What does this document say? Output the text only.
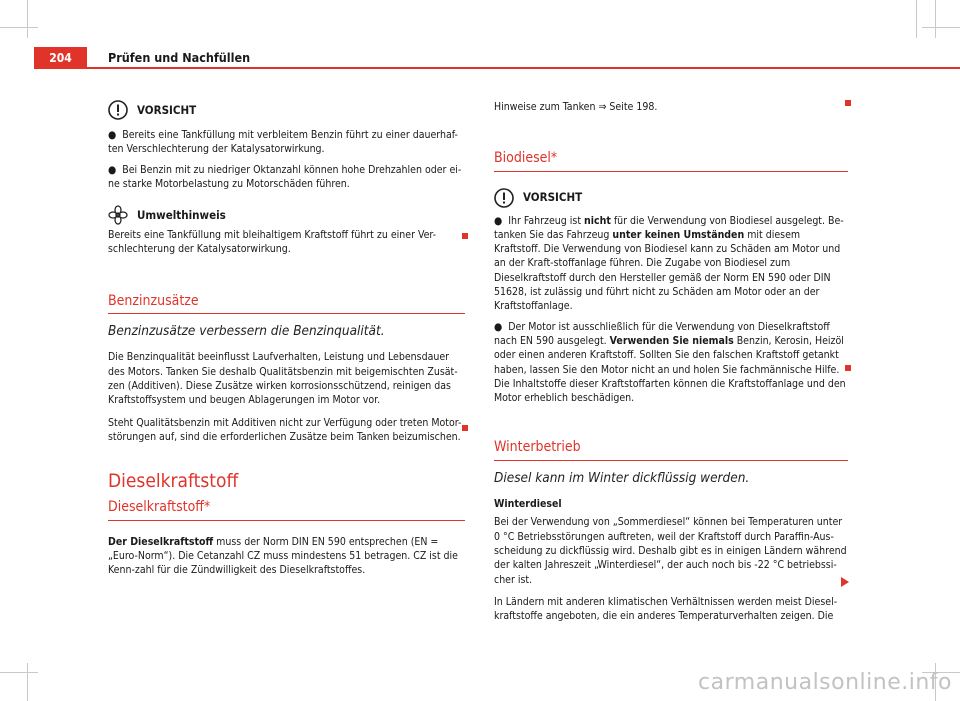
204	Prüfen und Nachfüllen
VORSICHT

●  Bereits eine Tankfüllung mit verbleitem Benzin führt zu einer dauerhaf-ten Verschlechterung der Katalysatorwirkung.

●  Bei Benzin mit zu niedriger Oktanzahl können hohe Drehzahlen oder ei-ne starke Motorbelastung zu Motorschäden führen.

Umwelthinweis

Bereits eine Tankfüllung mit bleihaltigem Kraftstoff führt zu einer Ver-schlechterung der Katalysatorwirkung.

Benzinzusätze

Benzinzusätze verbessern die Benzinqualität.

Die Benzinqualität beeinflusst Laufverhalten, Leistung und Lebensdauer des Motors. Tanken Sie deshalb Qualitätsbenzin mit beigemischten Zusät-zen (Additiven). Diese Zusätze wirken korrosionsschützend, reinigen das Kraftstoffsystem und beugen Ablagerungen im Motor vor.

Steht Qualitätsbenzin mit Additiven nicht zur Verfügung oder treten Motor-störungen auf, sind die erforderlichen Zusätze beim Tanken beizumischen.

Dieselkraftstoff
Dieselkraftstoff*

Der Dieselkraftstoff muss der Norm DIN EN 590 entsprechen (EN = „Euro-Norm“). Die Cetanzahl CZ muss mindestens 51 betragen. CZ ist die Kenn-zahl für die Zündwilligkeit des Dieselkraftstoffes.

Hinweise zum Tanken ⇒ Seite 198.

Biodiesel*
VORSICHT

●  Ihr Fahrzeug ist nicht für die Verwendung von Biodiesel ausgelegt. Be-tanken Sie das Fahrzeug unter keinen Umständen mit diesem Kraftstoff. Die Verwendung von Biodiesel kann zu Schäden am Motor und an der Kraft-stoffanlage führen. Die Zugabe von Biodiesel zum Dieselkraftstoff durch den Hersteller gemäß der Norm EN 590 oder DIN 51628, ist zulässig und führt nicht zu Schäden am Motor oder an der Kraftstoffanlage.

●  Der Motor ist ausschließlich für die Verwendung von Dieselkraftstoff nach EN 590 ausgelegt. Verwenden Sie niemals Benzin, Kerosin, Heizöl oder einen anderen Kraftstoff. Sollten Sie den falschen Kraftstoff getankt haben, lassen Sie den Motor nicht an und holen Sie fachmännische Hilfe. Die Inhaltstoffe dieser Kraftstoffarten können die Kraftstoffanlage und den Motor erheblich beschädigen.

Winterbetrieb

Diesel kann im Winter dickflüssig werden.

Winterdiesel

Bei der Verwendung von „Sommerdiesel“ können bei Temperaturen unter 0 °C Betriebsstörungen auftreten, weil der Kraftstoff durch Paraffin-Aus-scheidung zu dickflüssig wird. Deshalb gibt es in einigen Ländern während der kalten Jahreszeit „Winterdiesel“, der auch noch bis -22 °C betriebssi-cher ist.

In Ländern mit anderen klimatischen Verhältnissen werden meist Diesel-kraftstoffe angeboten, die ein anderes Temperaturverhalten zeigen. Die

carmanualsonline.info
